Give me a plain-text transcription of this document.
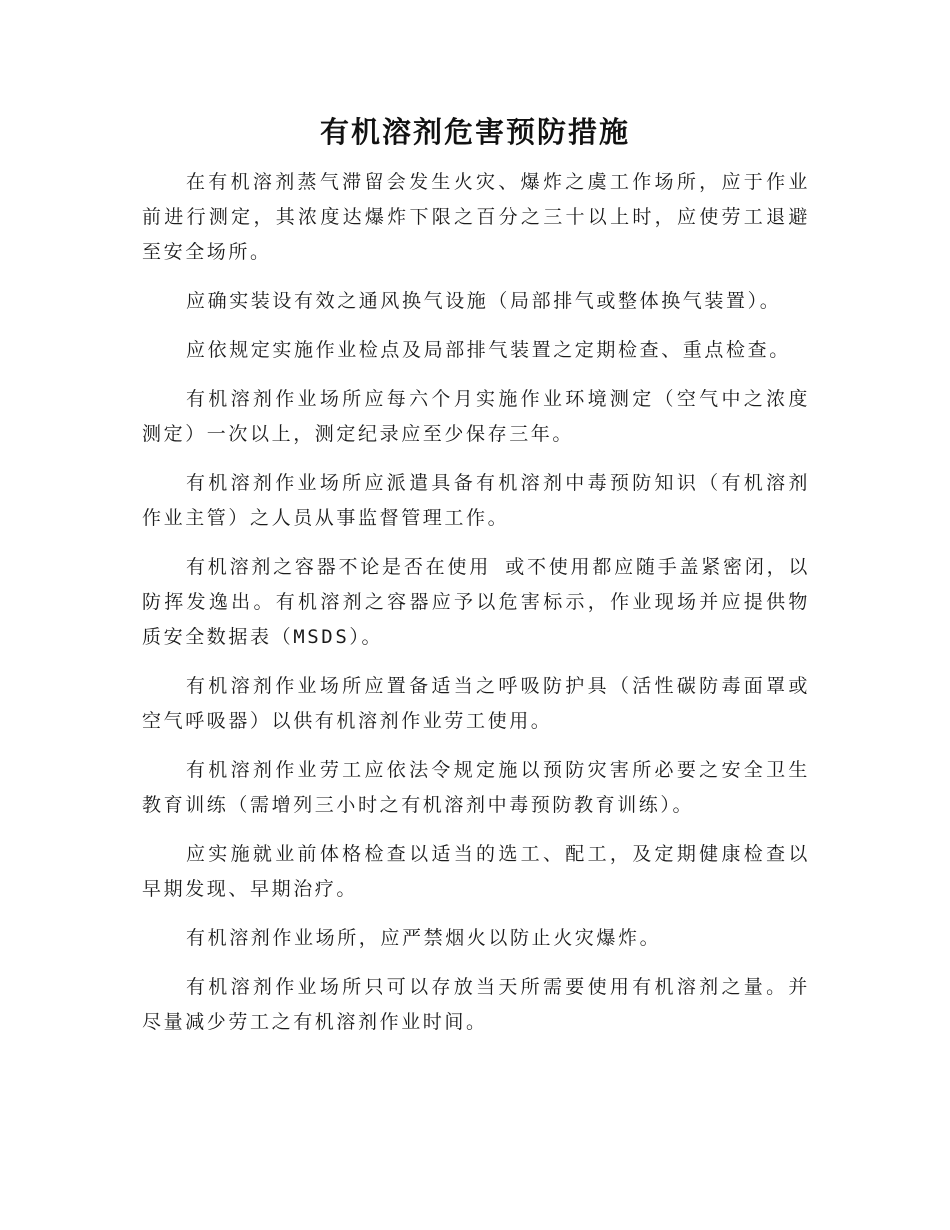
有机溶剂危害预防措施

在有机溶剂蒸气滞留会发生火灾、爆炸之虞工作场所，应于作业前进行测定，其浓度达爆炸下限之百分之三十以上时，应使劳工退避至安全场所。

应确实装设有效之通风换气设施（局部排气或整体换气装置）。

应依规定实施作业检点及局部排气装置之定期检查、重点检查。

有机溶剂作业场所应每六个月实施作业环境测定（空气中之浓度测定）一次以上，测定纪录应至少保存三年。

有机溶剂作业场所应派遣具备有机溶剂中毒预防知识（有机溶剂作业主管）之人员从事监督管理工作。

有机溶剂之容器不论是否在使用 或不使用都应随手盖紧密闭，以防挥发逸出。有机溶剂之容器应予以危害标示，作业现场并应提供物质安全数据表（MSDS）。

有机溶剂作业场所应置备适当之呼吸防护具（活性碳防毒面罩或空气呼吸器）以供有机溶剂作业劳工使用。

有机溶剂作业劳工应依法令规定施以预防灾害所必要之安全卫生教育训练（需增列三小时之有机溶剂中毒预防教育训练）。

应实施就业前体格检查以适当的选工、配工，及定期健康检查以早期发现、早期治疗。

有机溶剂作业场所，应严禁烟火以防止火灾爆炸。

有机溶剂作业场所只可以存放当天所需要使用有机溶剂之量。并尽量减少劳工之有机溶剂作业时间。
